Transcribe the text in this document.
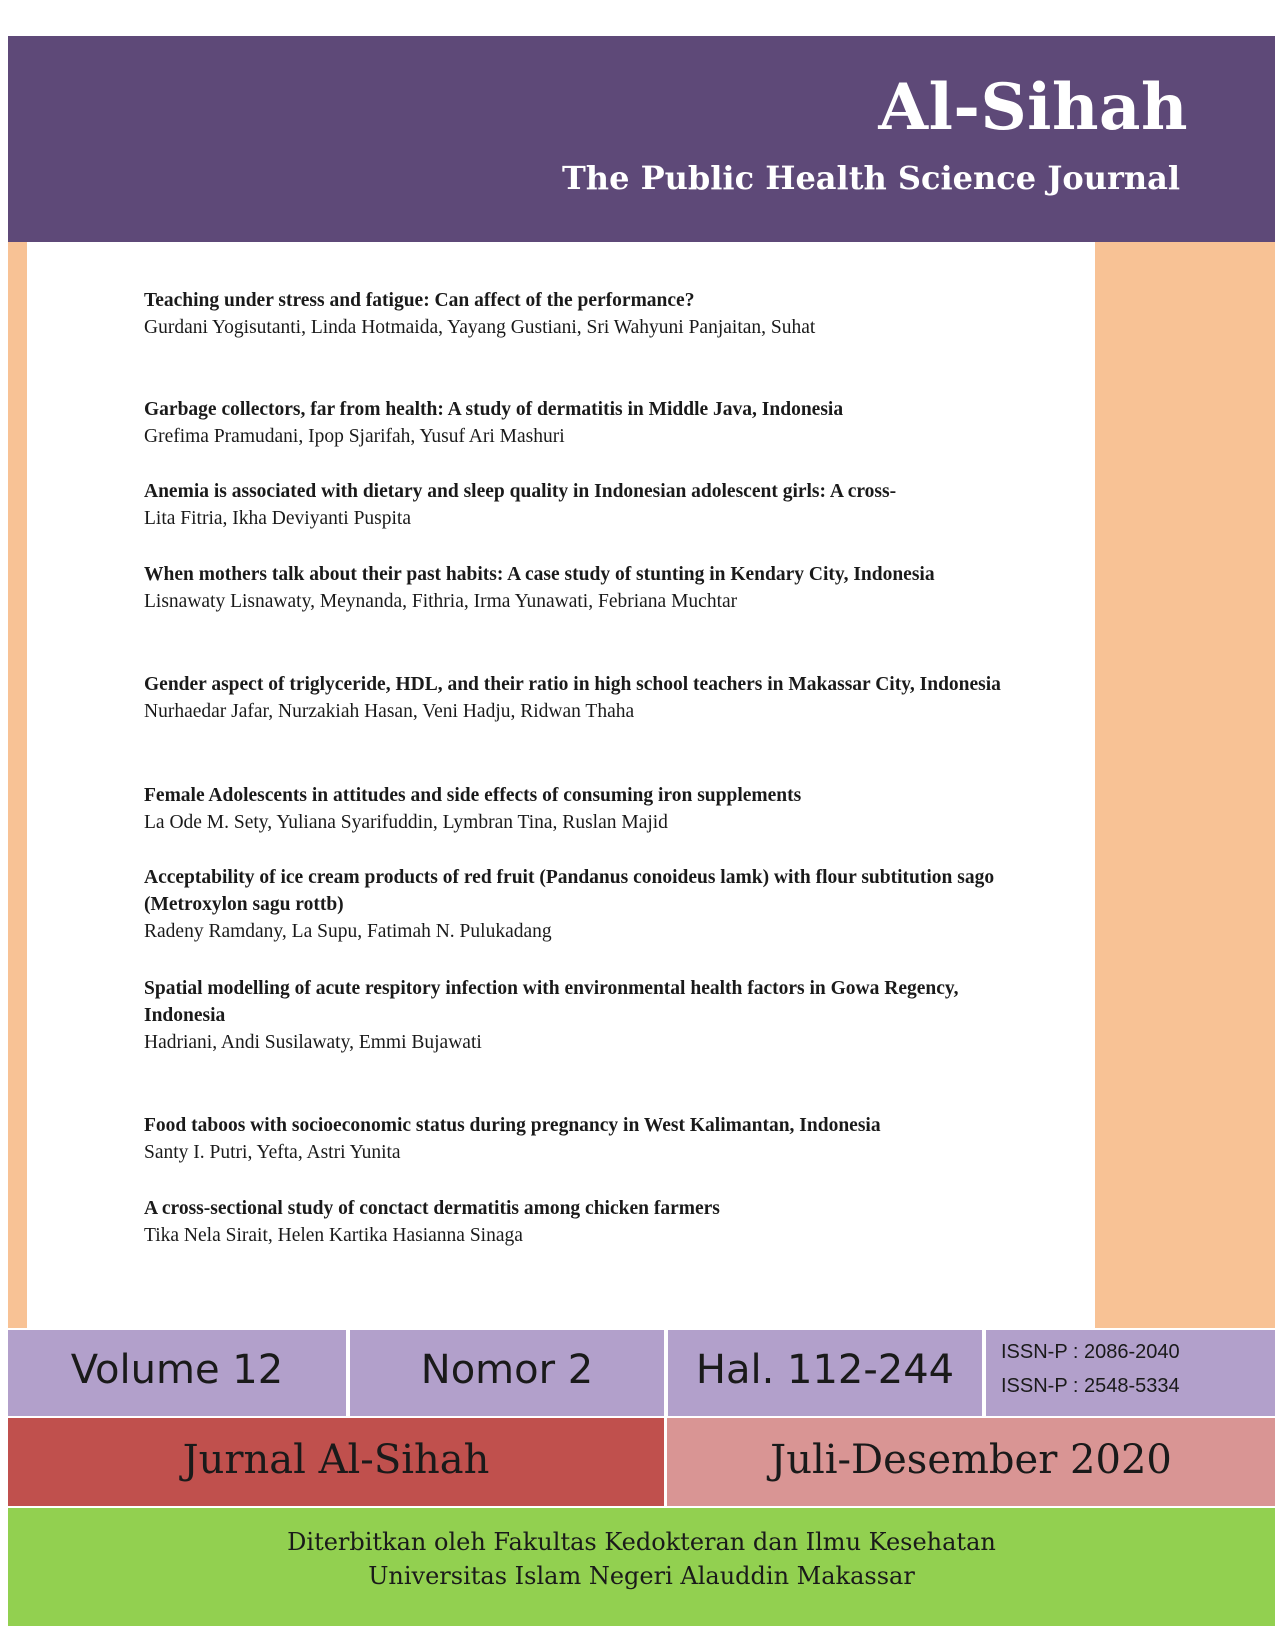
Al-Sihah
The Public Health Science Journal
Teaching under stress and fatigue: Can affect of the performance?
Gurdani Yogisutanti, Linda Hotmaida, Yayang Gustiani, Sri Wahyuni Panjaitan, Suhat
Garbage collectors, far from health: A study of dermatitis in Middle Java, Indonesia
Grefima Pramudani, Ipop Sjarifah, Yusuf Ari Mashuri
Anemia is associated with dietary and sleep quality in Indonesian adolescent girls: A cross-
Lita Fitria, Ikha Deviyanti Puspita
When mothers talk about their past habits: A case study of stunting in Kendary City, Indonesia
Lisnawaty Lisnawaty, Meynanda, Fithria, Irma Yunawati, Febriana Muchtar
Gender aspect of triglyceride, HDL, and their ratio in high school teachers in Makassar City, Indonesia
Nurhaedar Jafar, Nurzakiah Hasan, Veni Hadju, Ridwan Thaha
Female Adolescents in attitudes and side effects of consuming iron supplements
La Ode M. Sety, Yuliana Syarifuddin, Lymbran Tina, Ruslan Majid
Acceptability of ice cream products of red fruit (Pandanus conoideus lamk) with flour subtitution sago (Metroxylon sagu rottb)
Radeny Ramdany, La Supu, Fatimah N. Pulukadang
Spatial modelling of acute respitory infection with environmental health factors in Gowa Regency, Indonesia
Hadriani, Andi Susilawaty, Emmi Bujawati
Food taboos with socioeconomic status during pregnancy in West Kalimantan, Indonesia
Santy I. Putri, Yefta, Astri Yunita
A cross-sectional study of conctact dermatitis among chicken farmers
Tika Nela Sirait, Helen Kartika Hasianna Sinaga
Volume 12	Nomor 2	Hal. 112-244	ISSN-P : 2086-2040
ISSN-P : 2548-5334
Jurnal Al-Sihah	Juli-Desember 2020
Diterbitkan oleh Fakultas Kedokteran dan Ilmu Kesehatan
Universitas Islam Negeri Alauddin Makassar
